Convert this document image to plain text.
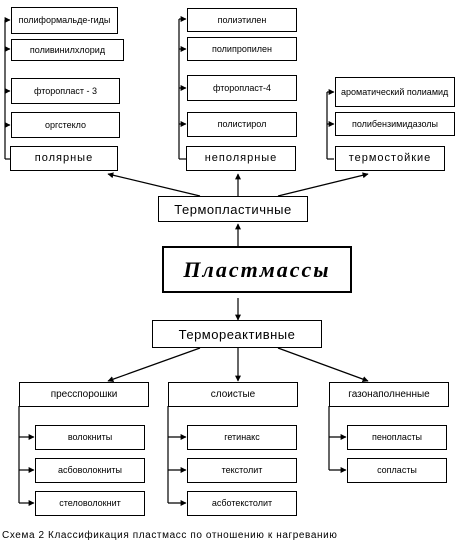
полиформальде-гиды
поливинилхлорид
фторопласт - 3
оргстекло
полярные
полиэтилен
полипропилен
фторопласт-4
полистирол
неполярные
ароматический полиамид
полибензимидазолы
термостойкие
Термопластичные
Пластмассы
Термореактивные
пресспорошки	слоистые	газонаполненные
волокниты
асбоволокниты
стеловолокнит
гетинакс
текстолит
асботекстолит
пенопласты
сопласты
Схема 2 Классификация пластмасс по отношению к нагреванию
